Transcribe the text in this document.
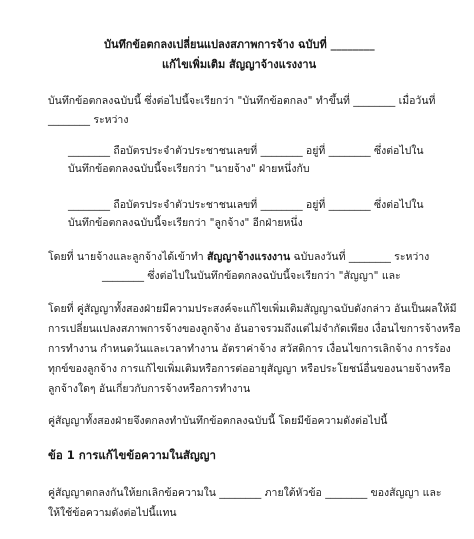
บันทึกข้อตกลงเปลี่ยนแปลงสภาพการจ้าง ฉบับที่ ________
แก้ไขเพิ่มเติม สัญญาจ้างแรงงาน
บันทึกข้อตกลงฉบับนี้ ซึ่งต่อไปนี้จะเรียกว่า "บันทึกข้อตกลง" ทำขึ้นที่ ________ เมื่อวันที่
________ ระหว่าง
________ ถือบัตรประจำตัวประชาชนเลขที่ ________ อยู่ที่ ________ ซึ่งต่อไปใน
บันทึกข้อตกลงฉบับนี้จะเรียกว่า "นายจ้าง" ฝ่ายหนึ่งกับ
________ ถือบัตรประจำตัวประชาชนเลขที่ ________ อยู่ที่ ________ ซึ่งต่อไปใน
บันทึกข้อตกลงฉบับนี้จะเรียกว่า "ลูกจ้าง" อีกฝ่ายหนึ่ง
โดยที่ นายจ้างและลูกจ้างได้เข้าทำ สัญญาจ้างแรงงาน ฉบับลงวันที่ ________ ระหว่าง
________ ซึ่งต่อไปในบันทึกข้อตกลงฉบับนี้จะเรียกว่า "สัญญา" และ
โดยที่ คู่สัญญาทั้งสองฝ่ายมีความประสงค์จะแก้ไขเพิ่มเติมสัญญาฉบับดังกล่าว อันเป็นผลให้มี
การเปลี่ยนแปลงสภาพการจ้างของลูกจ้าง อันอาจรวมถึงแต่ไม่จำกัดเพียง เงื่อนไขการจ้างหรือ
การทำงาน กำหนดวันและเวลาทำงาน อัตราค่าจ้าง สวัสดิการ เงื่อนไขการเลิกจ้าง การร้อง
ทุกข์ของลูกจ้าง การแก้ไขเพิ่มเติมหรือการต่ออายุสัญญา หรือประโยชน์อื่นของนายจ้างหรือ
ลูกจ้างใดๆ อันเกี่ยวกับการจ้างหรือการทำงาน
คู่สัญญาทั้งสองฝ่ายจึงตกลงทำบันทึกข้อตกลงฉบับนี้ โดยมีข้อความดังต่อไปนี้
ข้อ 1 การแก้ไขข้อความในสัญญา
คู่สัญญาตกลงกันให้ยกเลิกข้อความใน ________ ภายใต้หัวข้อ ________ ของสัญญา และ
ให้ใช้ข้อความดังต่อไปนี้แทน
